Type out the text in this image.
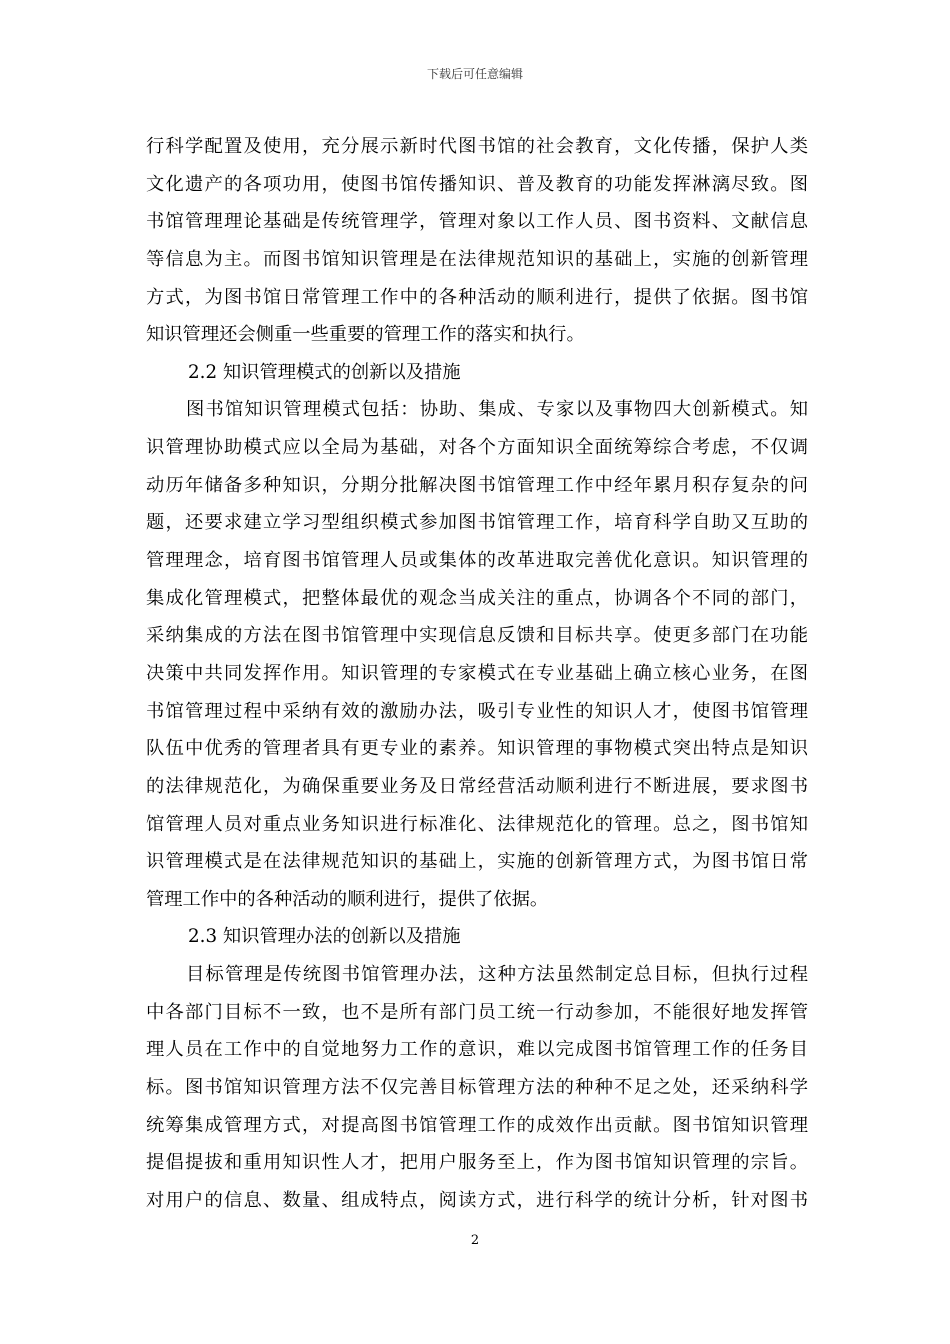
下载后可任意编辑
行科学配置及使用，充分展示新时代图书馆的社会教育，文化传播，保护人类
文化遗产的各项功用，使图书馆传播知识、普及教育的功能发挥淋漓尽致。图
书馆管理理论基础是传统管理学，管理对象以工作人员、图书资料、文献信息
等信息为主。而图书馆知识管理是在法律规范知识的基础上，实施的创新管理
方式，为图书馆日常管理工作中的各种活动的顺利进行，提供了依据。图书馆
知识管理还会侧重一些重要的管理工作的落实和执行。
2.2 知识管理模式的创新以及措施
图书馆知识管理模式包括：协助、集成、专家以及事物四大创新模式。知
识管理协助模式应以全局为基础，对各个方面知识全面统筹综合考虑，不仅调
动历年储备多种知识，分期分批解决图书馆管理工作中经年累月积存复杂的问
题，还要求建立学习型组织模式参加图书馆管理工作，培育科学自助又互助的
管理理念，培育图书馆管理人员或集体的改革进取完善优化意识。知识管理的
集成化管理模式，把整体最优的观念当成关注的重点，协调各个不同的部门，
采纳集成的方法在图书馆管理中实现信息反馈和目标共享。使更多部门在功能
决策中共同发挥作用。知识管理的专家模式在专业基础上确立核心业务，在图
书馆管理过程中采纳有效的激励办法，吸引专业性的知识人才，使图书馆管理
队伍中优秀的管理者具有更专业的素养。知识管理的事物模式突出特点是知识
的法律规范化，为确保重要业务及日常经营活动顺利进行不断进展，要求图书
馆管理人员对重点业务知识进行标准化、法律规范化的管理。总之，图书馆知
识管理模式是在法律规范知识的基础上，实施的创新管理方式，为图书馆日常
管理工作中的各种活动的顺利进行，提供了依据。
2.3 知识管理办法的创新以及措施
目标管理是传统图书馆管理办法，这种方法虽然制定总目标，但执行过程
中各部门目标不一致，也不是所有部门员工统一行动参加，不能很好地发挥管
理人员在工作中的自觉地努力工作的意识，难以完成图书馆管理工作的任务目
标。图书馆知识管理方法不仅完善目标管理方法的种种不足之处，还采纳科学
统筹集成管理方式，对提高图书馆管理工作的成效作出贡献。图书馆知识管理
提倡提拔和重用知识性人才，把用户服务至上，作为图书馆知识管理的宗旨。
对用户的信息、数量、组成特点，阅读方式，进行科学的统计分析，针对图书
2
